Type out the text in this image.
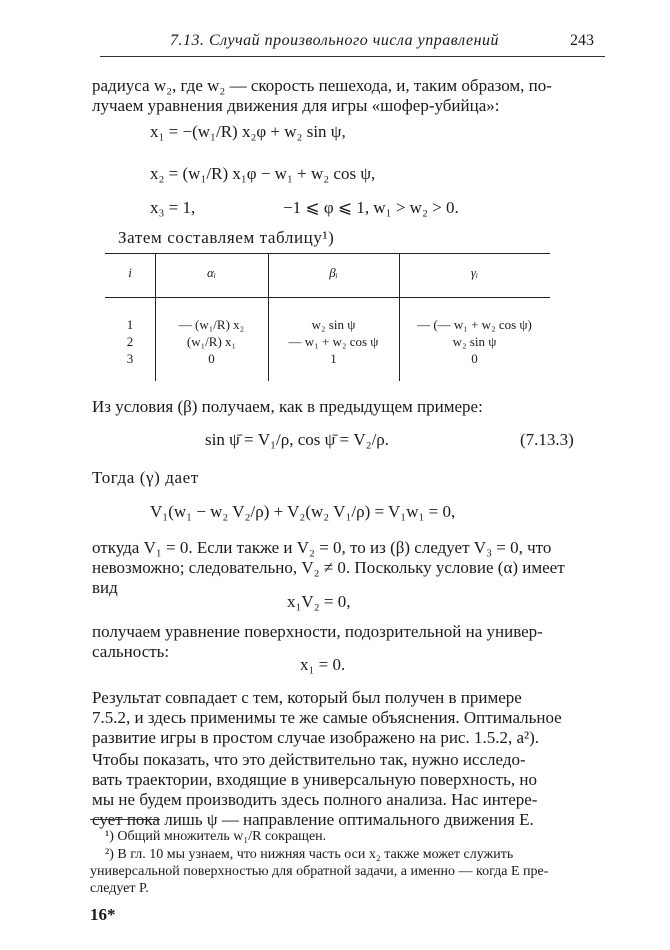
7.13. Случай произвольного числа управлений	243
радиуса w₂, где w₂ — скорость пешехода, и, таким образом, по-
лучаем уравнения движения для игры «шофер-убийца»:
x₁ = −(w₁/R) x₂φ + w₂ sin ψ,
x₂ = (w₁/R) x₁φ − w₁ + w₂ cos ψ,
x₃ = 1,	−1 ⩽ φ ⩽ 1, w₁ > w₂ > 0.
Затем составляем таблицу¹)
i	αᵢ	βᵢ	γᵢ
1	— (w₁/R) x₂	w₂ sin ψ	— (— w₁ + w₂ cos ψ)
2	(w₁/R) x₁	— w₁ + w₂ cos ψ	w₂ sin ψ
3	0	1	0
Из условия (β) получаем, как в предыдущем примере:
sin ψ̄ = V₁/ρ, cos ψ̄ = V₂/ρ.	(7.13.3)
Тогда (γ) дает
V₁(w₁ − w₂ V₂/ρ) + V₂(w₂ V₁/ρ) = V₁w₁ = 0,
откуда V₁ = 0. Если также и V₂ = 0, то из (β) следует V₃ = 0, что
невозможно; следовательно, V₂ ≠ 0. Поскольку условие (α) имеет
вид
x₁V₂ = 0,
получаем уравнение поверхности, подозрительной на универ-
сальность:
x₁ = 0.
Результат совпадает с тем, который был получен в примере
7.5.2, и здесь применимы те же самые объяснения. Оптимальное
развитие игры в простом случае изображено на рис. 1.5.2, a²).
Чтобы показать, что это действительно так, нужно исследо-
вать траектории, входящие в универсальную поверхность, но
мы не будем производить здесь полного анализа. Нас интере-
сует пока лишь ψ — направление оптимального движения E.
¹) Общий множитель w₁/R сокращен.
²) В гл. 10 мы узнаем, что нижняя часть оси x₂ также может служить
универсальной поверхностью для обратной задачи, а именно — когда E пре-
следует P.
16*
